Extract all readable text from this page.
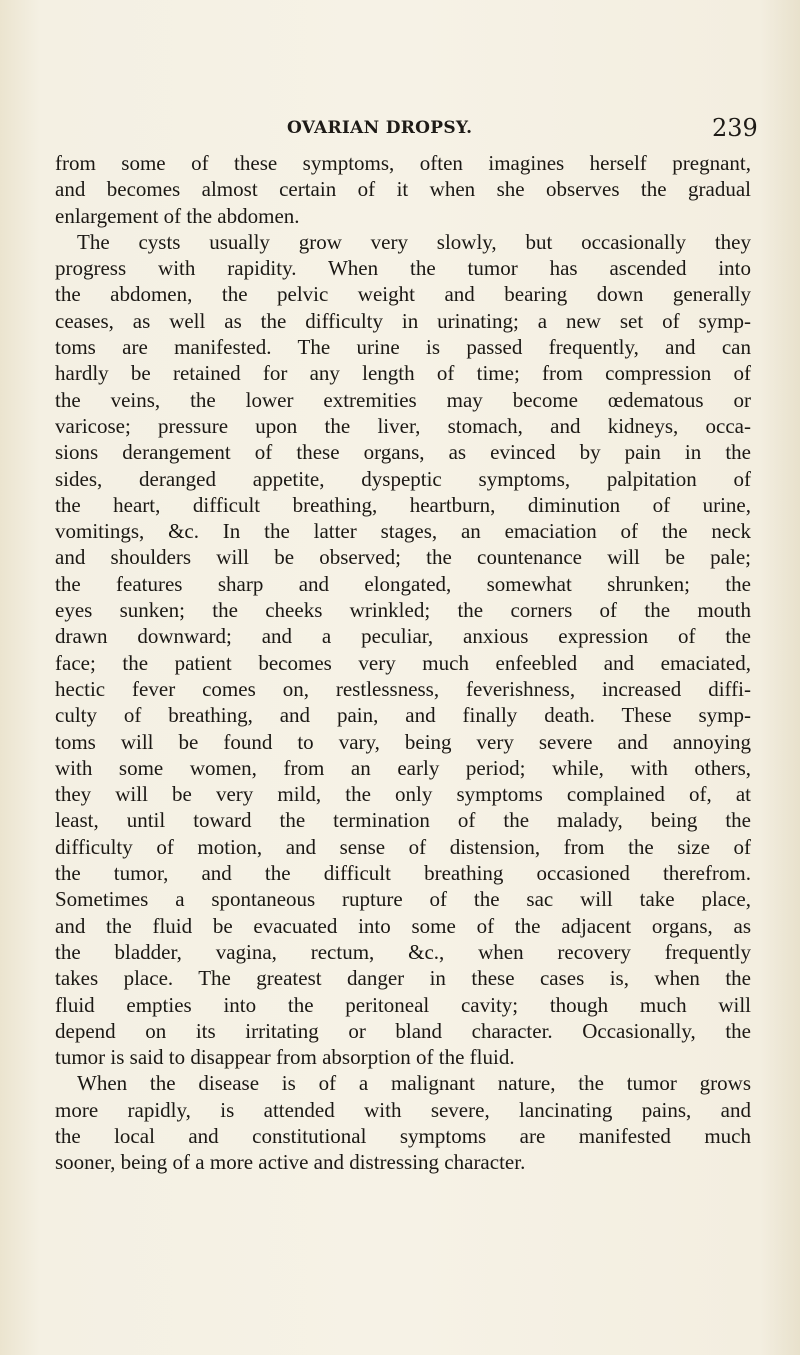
OVARIAN DROPSY.	239
from some of these symptoms, often imagines herself pregnant,
and becomes almost certain of it when she observes the gradual
enlargement of the abdomen.
The cysts usually grow very slowly, but occasionally they
progress with rapidity. When the tumor has ascended into
the abdomen, the pelvic weight and bearing down generally
ceases, as well as the difficulty in urinating; a new set of symp-
toms are manifested. The urine is passed frequently, and can
hardly be retained for any length of time; from compression of
the veins, the lower extremities may become œdematous or
varicose; pressure upon the liver, stomach, and kidneys, occa-
sions derangement of these organs, as evinced by pain in the
sides, deranged appetite, dyspeptic symptoms, palpitation of
the heart, difficult breathing, heartburn, diminution of urine,
vomitings, &c. In the latter stages, an emaciation of the neck
and shoulders will be observed; the countenance will be pale;
the features sharp and elongated, somewhat shrunken; the
eyes sunken; the cheeks wrinkled; the corners of the mouth
drawn downward; and a peculiar, anxious expression of the
face; the patient becomes very much enfeebled and emaciated,
hectic fever comes on, restlessness, feverishness, increased diffi-
culty of breathing, and pain, and finally death. These symp-
toms will be found to vary, being very severe and annoying
with some women, from an early period; while, with others,
they will be very mild, the only symptoms complained of, at
least, until toward the termination of the malady, being the
difficulty of motion, and sense of distension, from the size of
the tumor, and the difficult breathing occasioned therefrom.
Sometimes a spontaneous rupture of the sac will take place,
and the fluid be evacuated into some of the adjacent organs, as
the bladder, vagina, rectum, &c., when recovery frequently
takes place. The greatest danger in these cases is, when the
fluid empties into the peritoneal cavity; though much will
depend on its irritating or bland character. Occasionally, the
tumor is said to disappear from absorption of the fluid.
When the disease is of a malignant nature, the tumor grows
more rapidly, is attended with severe, lancinating pains, and
the local and constitutional symptoms are manifested much
sooner, being of a more active and distressing character.
